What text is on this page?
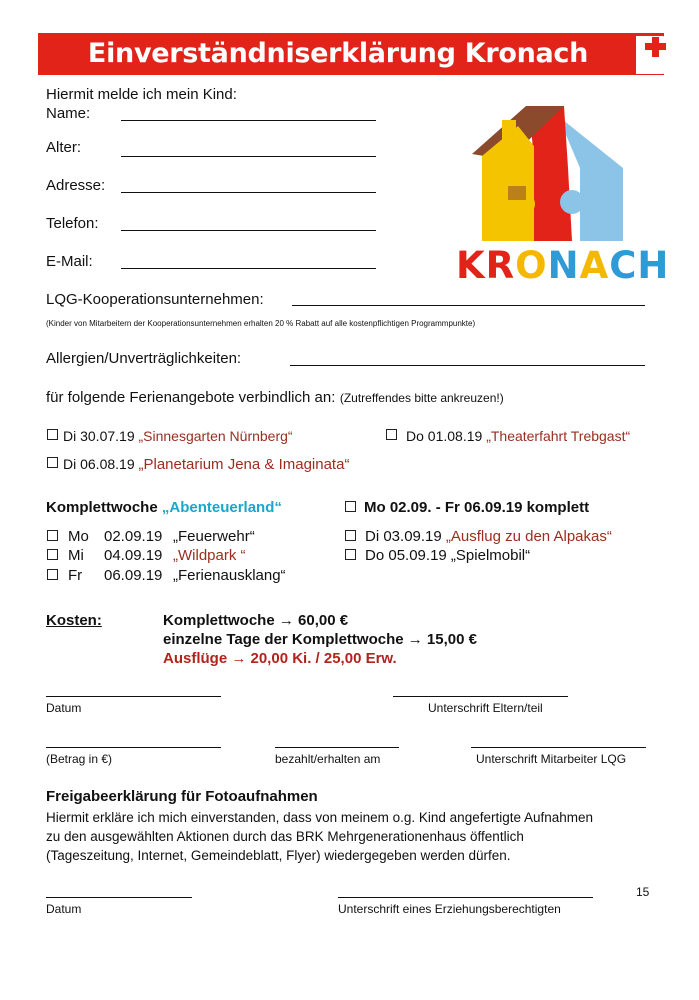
Einverständniserklärung Kronach
KRONACH
Hiermit melde ich mein Kind:
Name:
Alter:
Adresse:
Telefon:
E-Mail:
LQG-Kooperationsunternehmen:
(Kinder von Mitarbeitern der Kooperationsunternehmen erhalten 20 % Rabatt auf alle kostenpflichtigen Programmpunkte)
Allergien/Unverträglichkeiten:
für folgende Ferienangebote verbindlich an: (Zutreffendes bitte ankreuzen!)
Di 30.07.19 „Sinnesgarten Nürnberg“	Do 01.08.19 „Theaterfahrt Trebgast“
Di 06.08.19 „Planetarium Jena & Imaginata“
Komplettwoche „Abenteuerland“	Mo 02.09. - Fr 06.09.19 komplett
Mo 02.09.19 „Feuerwehr“
Mi 04.09.19 „Wildpark “
Fr 06.09.19 „Ferienausklang“
Di 03.09.19 „Ausflug zu den Alpakas“
Do 05.09.19 „Spielmobil“
Kosten:	Komplettwoche → 60,00 €
einzelne Tage der Komplettwoche → 15,00 €
Ausflüge → 20,00 Ki. / 25,00 Erw.
Datum	Unterschrift Eltern/teil
(Betrag in €)	bezahlt/erhalten am	Unterschrift Mitarbeiter LQG
Freigabeerklärung für Fotoaufnahmen
Hiermit erkläre ich mich einverstanden, dass von meinem o.g. Kind angefertigte Aufnahmen
zu den ausgewählten Aktionen durch das BRK Mehrgenerationenhaus öffentlich
(Tageszeitung, Internet, Gemeindeblatt, Flyer) wiedergegeben werden dürfen.
15
Datum	Unterschrift eines Erziehungsberechtigten
